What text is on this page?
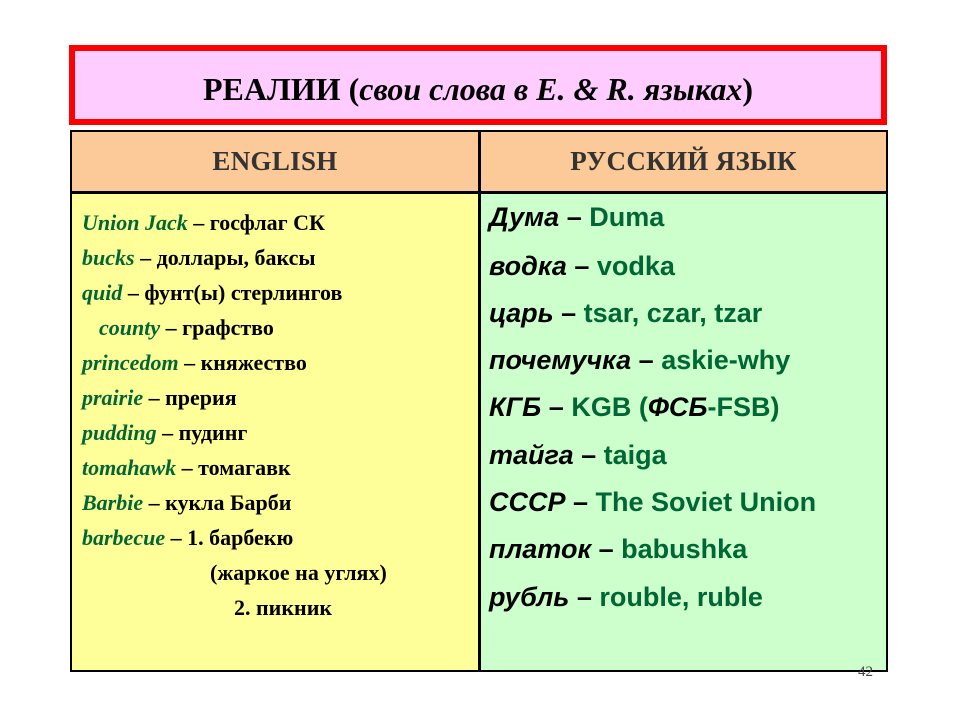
РЕАЛИИ
( свои слова в E. & R. языках )
ENGLISH	РУССКИЙ ЯЗЫК
Union Jack – госфлаг СК
bucks – доллары, баксы
quid – фунт(ы) стерлингов
county – графство
princedom – княжество
prairie – прерия
pudding – пудинг
tomahawk – томагавк
Barbie – кукла Барби
barbecue – 1. барбекю
(жаркое на углях)
2. пикник
Дума – Duma
водка – vodka
царь – tsar, czar, tzar
почемучка – askie-why
КГБ – KGB (ФСБ-FSB)
тайга – taiga
СССР – The Soviet Union
платок – babushka
рубль – rouble, ruble
42
